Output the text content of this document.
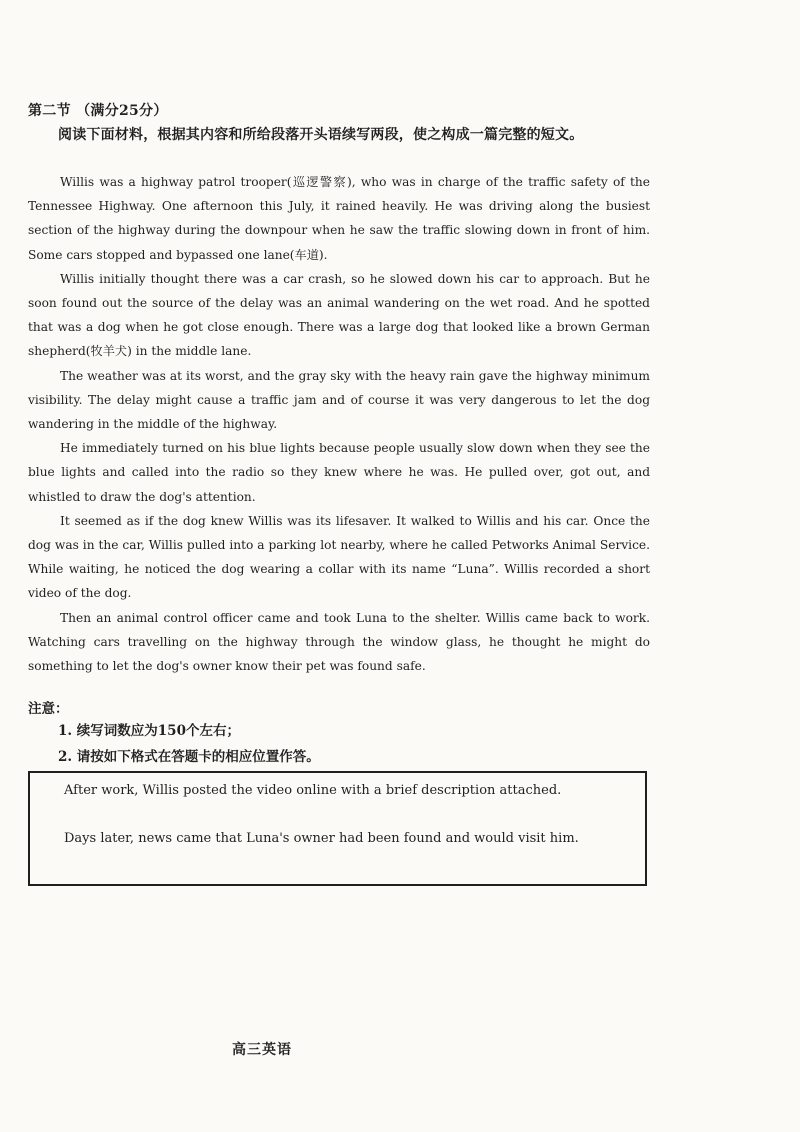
第二节 （满分25分）
阅读下面材料，根据其内容和所给段落开头语续写两段，使之构成一篇完整的短文。

Willis was a highway patrol trooper(巡逻警察), who was in charge of the traffic safety of the Tennessee Highway. One afternoon this July, it rained heavily. He was driving along the busiest section of the highway during the downpour when he saw the traffic slowing down in front of him. Some cars stopped and bypassed one lane(车道).

Willis initially thought there was a car crash, so he slowed down his car to approach. But he soon found out the source of the delay was an animal wandering on the wet road. And he spotted that was a dog when he got close enough. There was a large dog that looked like a brown German shepherd(牧羊犬) in the middle lane.

The weather was at its worst, and the gray sky with the heavy rain gave the highway minimum visibility. The delay might cause a traffic jam and of course it was very dangerous to let the dog wandering in the middle of the highway.

He immediately turned on his blue lights because people usually slow down when they see the blue lights and called into the radio so they knew where he was. He pulled over, got out, and whistled to draw the dog's attention.

It seemed as if the dog knew Willis was its lifesaver. It walked to Willis and his car. Once the dog was in the car, Willis pulled into a parking lot nearby, where he called Petworks Animal Service. While waiting, he noticed the dog wearing a collar with its name “Luna”. Willis recorded a short video of the dog.

Then an animal control officer came and took Luna to the shelter. Willis came back to work. Watching cars travelling on the highway through the window glass, he thought he might do something to let the dog's owner know their pet was found safe.

注意：
1. 续写词数应为150个左右；
2. 请按如下格式在答题卡的相应位置作答。
After work, Willis posted the video online with a brief description attached.
Days later, news came that Luna's owner had been found and would visit him.
高三英语
